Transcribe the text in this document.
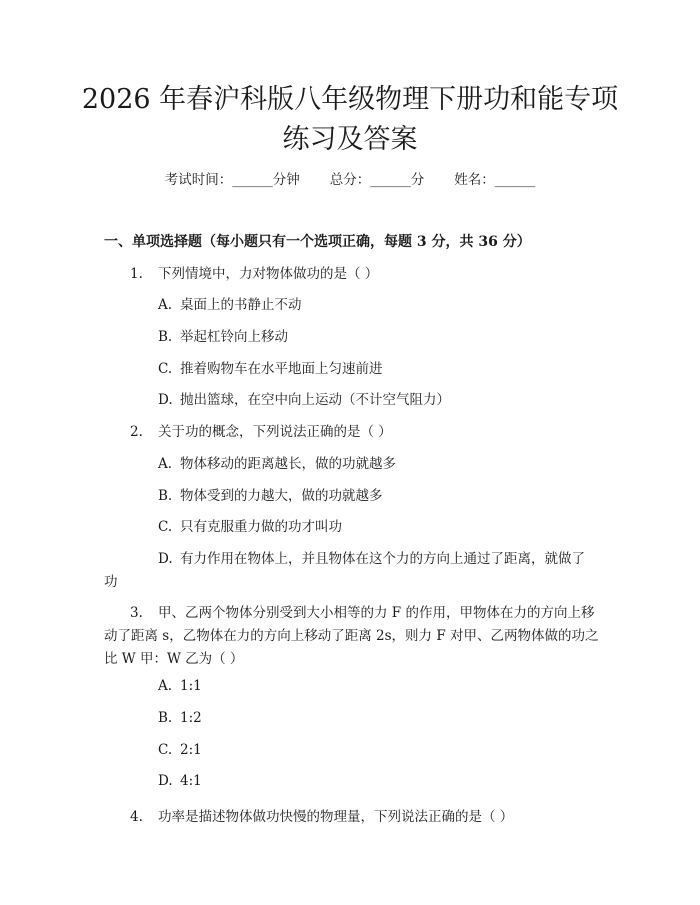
2026 年春沪科版八年级物理下册功和能专项
练习及答案
考试时间：______分钟 总分：______分 姓名：______
一、单项选择题（每小题只有一个选项正确，每题 3 分，共 36 分）
1. 下列情境中，力对物体做功的是（ ）
A. 桌面上的书静止不动
B. 举起杠铃向上移动
C. 推着购物车在水平地面上匀速前进
D. 抛出篮球，在空中向上运动（不计空气阻力）
2. 关于功的概念，下列说法正确的是（ ）
A. 物体移动的距离越长，做的功就越多
B. 物体受到的力越大，做的功就越多
C. 只有克服重力做的功才叫功
D. 有力作用在物体上，并且物体在这个力的方向上通过了距离，就做了
功
3. 甲、乙两个物体分别受到大小相等的力 F 的作用，甲物体在力的方向上移
动了距离 s，乙物体在力的方向上移动了距离 2s，则力 F 对甲、乙两物体做的功之
比 W 甲：W 乙为（ ）
A. 1:1
B. 1:2
C. 2:1
D. 4:1
4. 功率是描述物体做功快慢的物理量，下列说法正确的是（ ）
